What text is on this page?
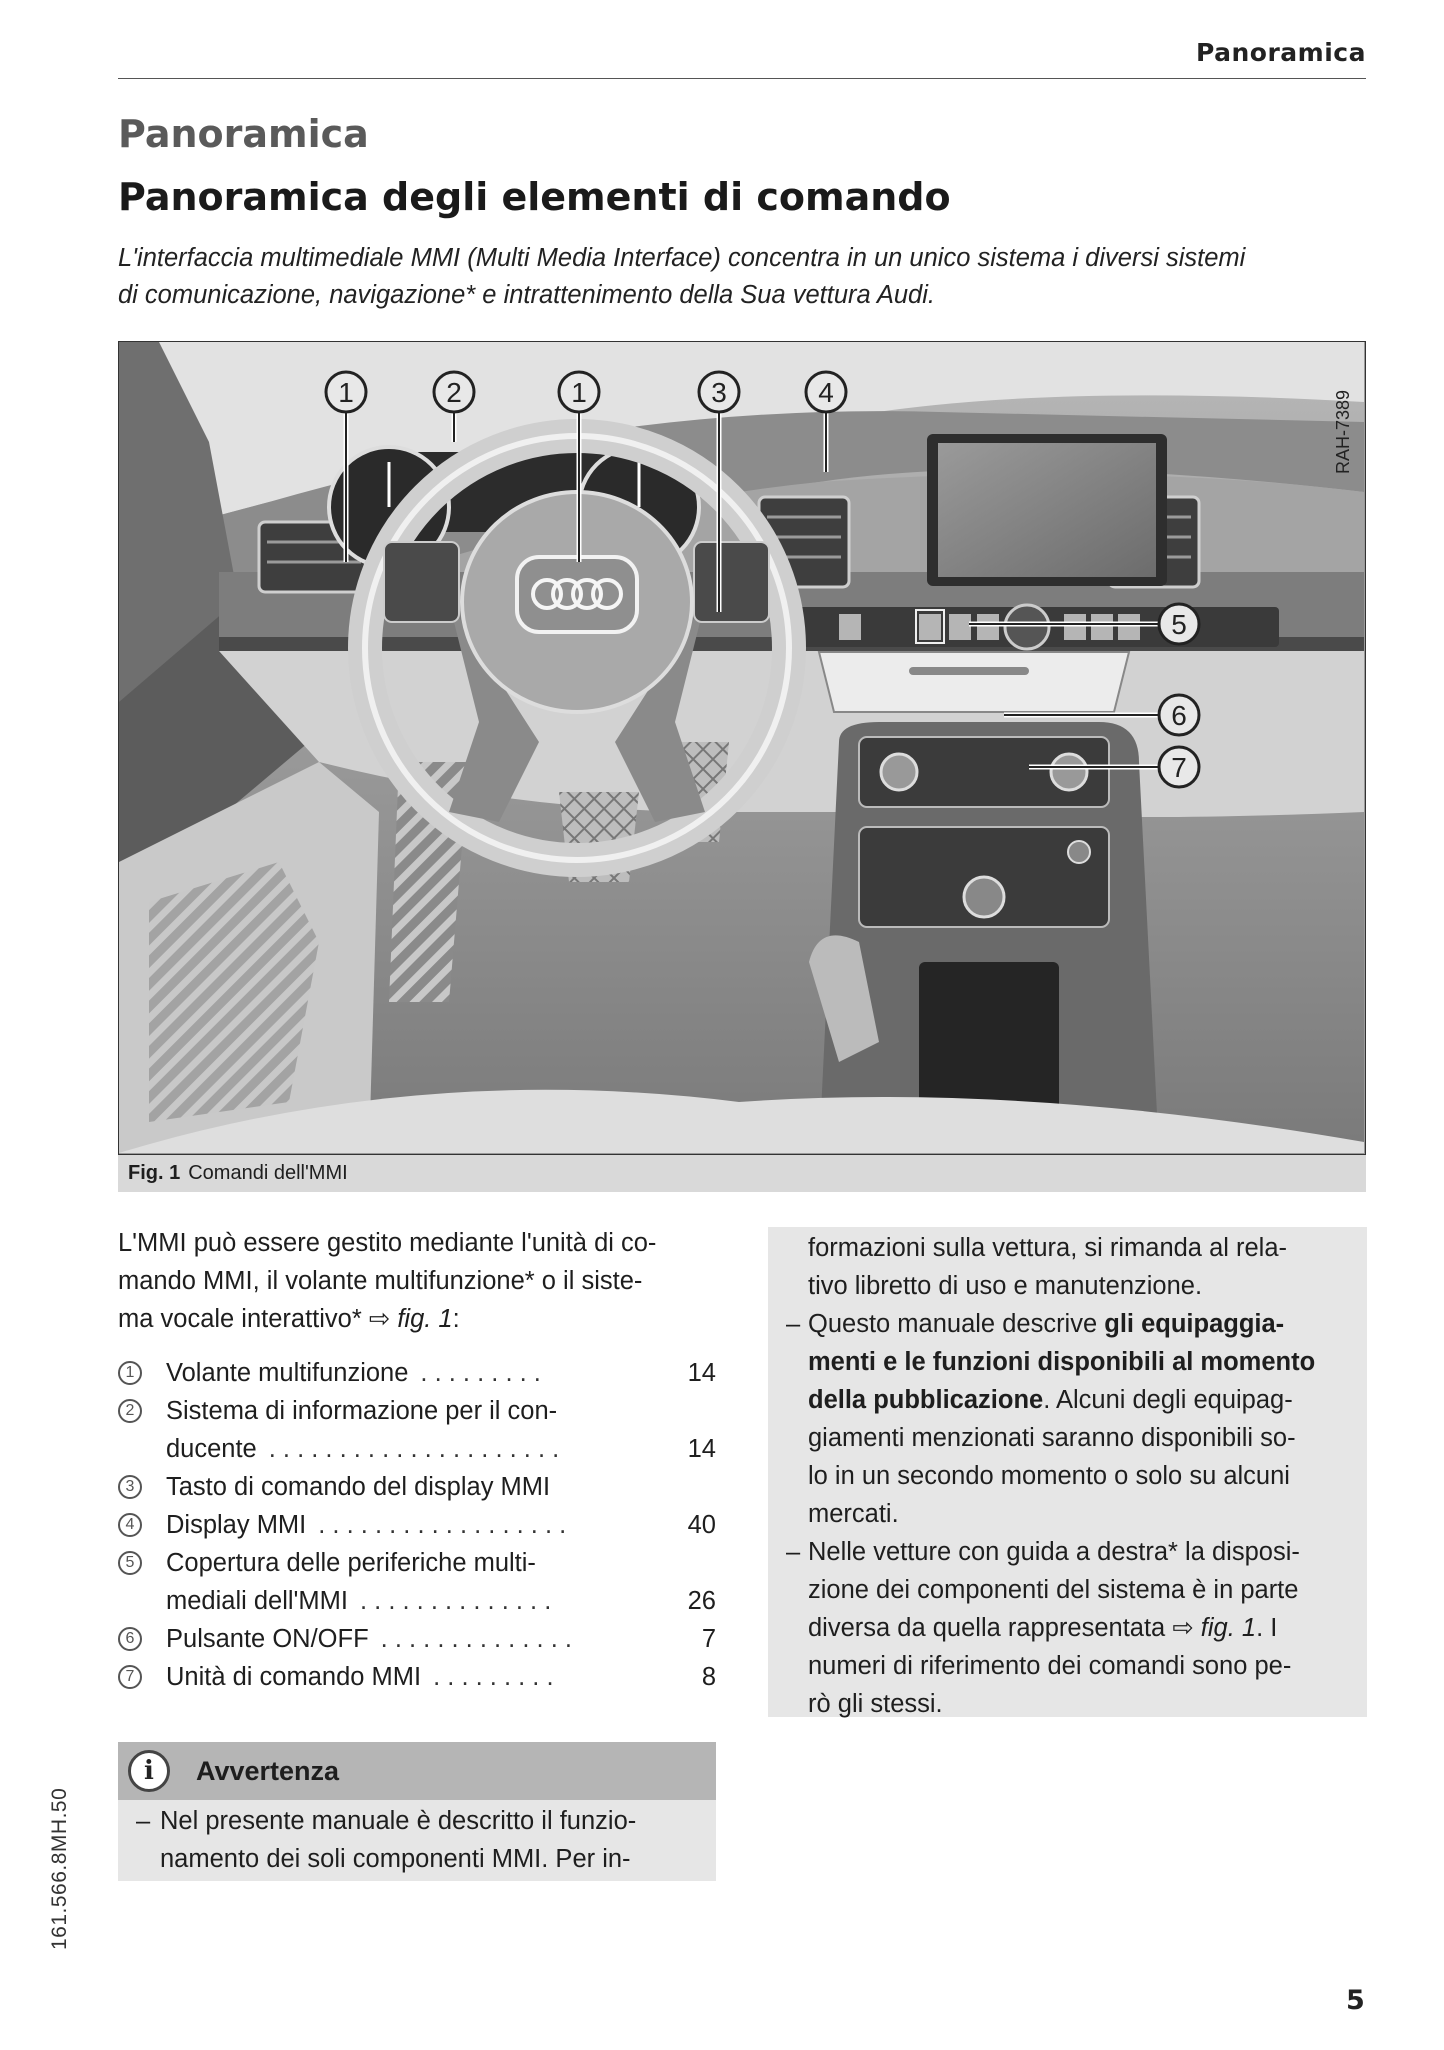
Panoramica
Panoramica
Panoramica degli elementi di comando
L'interfaccia multimediale MMI (Multi Media Interface) concentra in un unico sistema i diversi sistemi
di comunicazione, navigazione* e intrattenimento della Sua vettura Audi.
1	2	1	3	4
5
6
7
RAH-7389
Fig. 1 Comandi dell'MMI
L'MMI può essere gestito mediante l'unità di co-
mando MMI, il volante multifunzione* o il siste-
ma vocale interattivo* ⇨ fig. 1:
1 Volante multifunzione . . . . . . . . .	14
2 Sistema di informazione per il con-
ducente . . . . . . . . . . . . . . . . . . . . .	14
3 Tasto di comando del display MMI
4 Display MMI . . . . . . . . . . . . . . . . . .	40
5 Copertura delle periferiche multi-
mediali dell'MMI . . . . . . . . . . . . . .	26
6 Pulsante ON/OFF . . . . . . . . . . . . . .	7
7 Unità di comando MMI . . . . . . . . .	8
i	Avvertenza
– Nel presente manuale è descritto il funzio-
namento dei soli componenti MMI. Per in-
formazioni sulla vettura, si rimanda al rela-
tivo libretto di uso e manutenzione.
– Questo manuale descrive gli equipaggia-
menti e le funzioni disponibili al momento
della pubblicazione. Alcuni degli equipag-
giamenti menzionati saranno disponibili so-
lo in un secondo momento o solo su alcuni
mercati.
– Nelle vetture con guida a destra* la disposi-
zione dei componenti del sistema è in parte
diversa da quella rappresentata ⇨ fig. 1. I
numeri di riferimento dei comandi sono pe-
rò gli stessi.
161.566.8MH.50
5
